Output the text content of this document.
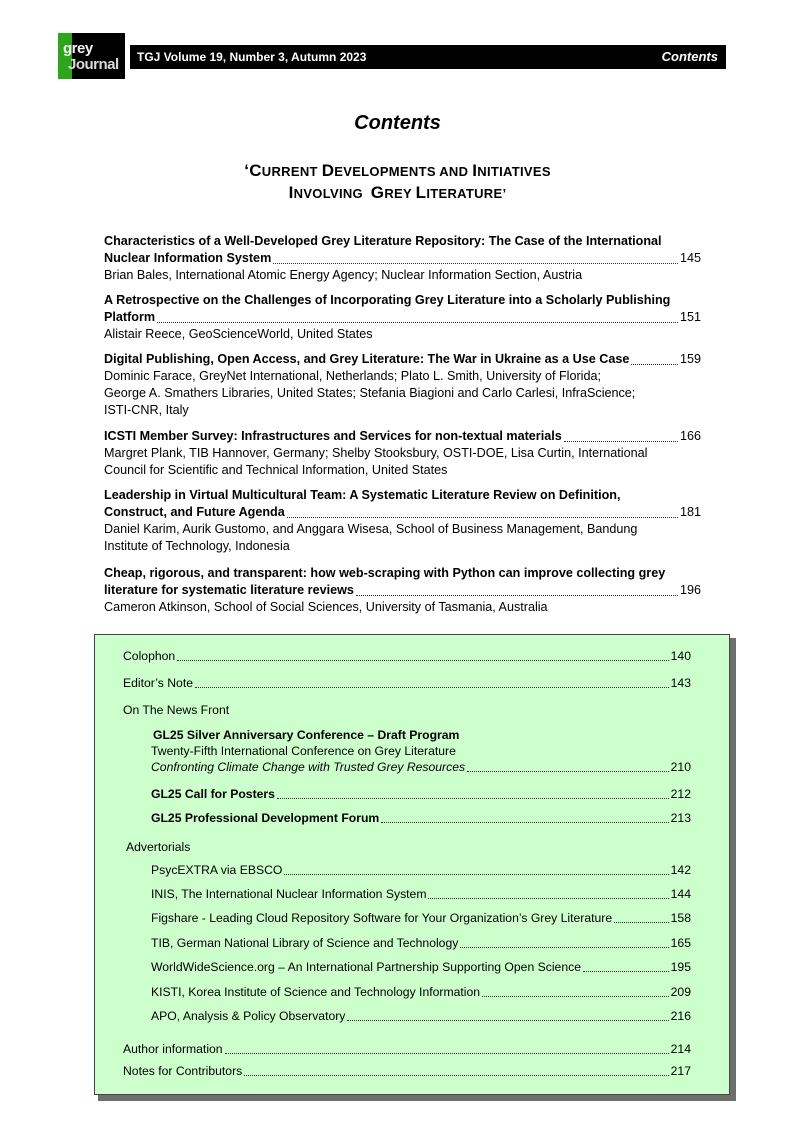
The
grey
Journal TGJ Volume 19, Number 3, Autumn 2023	Contents
Contents
‘CURRENT DEVELOPMENTS AND INITIATIVES
INVOLVING  GREY LITERATURE’
Characteristics of a Well-Developed Grey Literature Repository: The Case of the International
Nuclear Information System	145
Brian Bales, International Atomic Energy Agency; Nuclear Information Section, Austria
A Retrospective on the Challenges of Incorporating Grey Literature into a Scholarly Publishing
Platform	151
Alistair Reece, GeoScienceWorld, United States
Digital Publishing, Open Access, and Grey Literature: The War in Ukraine as a Use Case	159
Dominic Farace, GreyNet International, Netherlands; Plato L. Smith, University of Florida;
George A. Smathers Libraries, United States; Stefania Biagioni and Carlo Carlesi, InfraScience;
ISTI-CNR, Italy
ICSTI Member Survey: Infrastructures and Services for non-textual materials	166
Margret Plank, TIB Hannover, Germany; Shelby Stooksbury, OSTI-DOE, Lisa Curtin, International
Council for Scientific and Technical Information, United States
Leadership in Virtual Multicultural Team: A Systematic Literature Review on Definition,
Construct, and Future Agenda	181
Daniel Karim, Aurik Gustomo, and Anggara Wisesa, School of Business Management, Bandung
Institute of Technology, Indonesia
Cheap, rigorous, and transparent: how web-scraping with Python can improve collecting grey
literature for systematic literature reviews	196
Cameron Atkinson, School of Social Sciences, University of Tasmania, Australia
Colophon	140
Editor’s Note	143
On The News Front
GL25 Silver Anniversary Conference – Draft Program
Twenty-Fifth International Conference on Grey Literature
Confronting Climate Change with Trusted Grey Resources	210
GL25 Call for Posters	212
GL25 Professional Development Forum	213
Advertorials
PsycEXTRA via EBSCO	142
INIS, The International Nuclear Information System	144
Figshare - Leading Cloud Repository Software for Your Organization’s Grey Literature	158
TIB, German National Library of Science and Technology	165
WorldWideScience.org – An International Partnership Supporting Open Science	195
KISTI, Korea Institute of Science and Technology Information	209
APO, Analysis & Policy Observatory	216
Author information	214
Notes for Contributors	217
